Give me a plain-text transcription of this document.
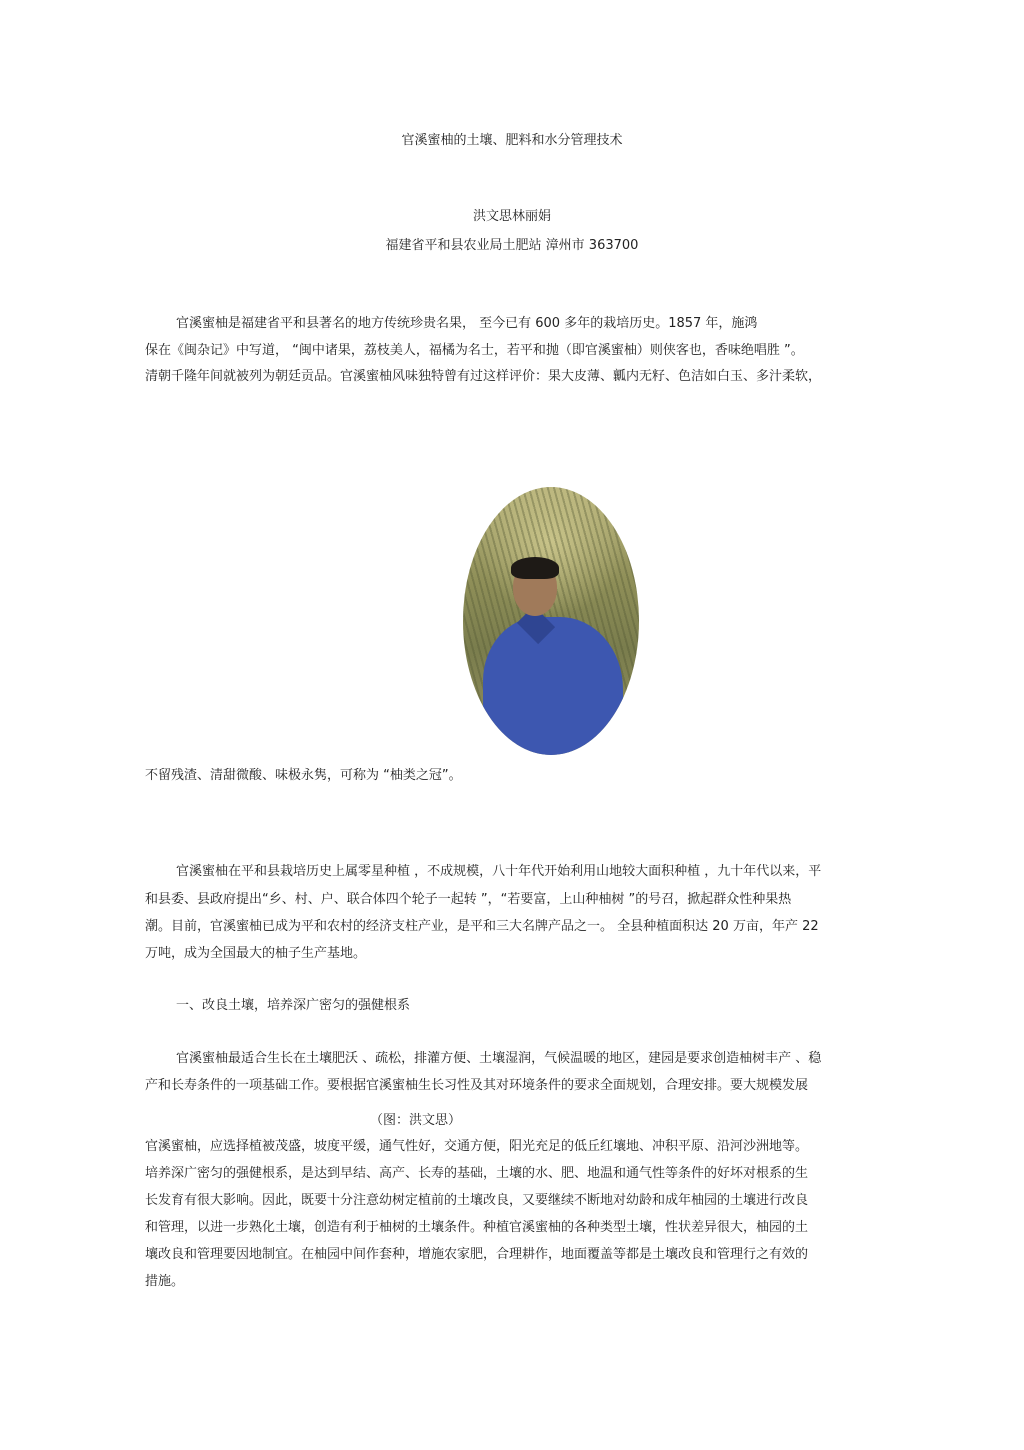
官溪蜜柚的土壤、肥料和水分管理技术
洪文思林丽娟
福建省平和县农业局土肥站 漳州市 363700
官溪蜜柚是福建省平和县著名的地方传统珍贵名果， 至今已有 600 多年的栽培历史。1857 年，施鸿
保在《闽杂记》中写道， “闽中诸果，荔枝美人，福橘为名士，若平和抛（即官溪蜜柚）则侠客也，香味绝唱胜 ”。
清朝千隆年间就被列为朝廷贡品。官溪蜜柚风味独特曾有过这样评价：果大皮薄、瓤内无籽、色洁如白玉、多汁柔软，
不留残渣、清甜微酸、味极永隽，可称为 “柚类之冠”。
官溪蜜柚在平和县栽培历史上属零星种植 ，不成规模，八十年代开始利用山地较大面积种植 ，九十年代以来，平
和县委、县政府提出“乡、村、户、联合体四个轮子一起转 ”，“若要富，上山种柚树 ”的号召，掀起群众性种果热
潮。目前，官溪蜜柚已成为平和农村的经济支柱产业，是平和三大名牌产品之一。 全县种植面积达 20 万亩，年产 22
万吨，成为全国最大的柚子生产基地。
一、改良土壤，培养深广密匀的强健根系
官溪蜜柚最适合生长在土壤肥沃 、疏松，排灌方便、土壤湿润，气候温暖的地区，建园是要求创造柚树丰产 、稳
产和长寿条件的一项基础工作。要根据官溪蜜柚生长习性及其对环境条件的要求全面规划，合理安排。要大规模发展
（图：洪文思）
官溪蜜柚，应选择植被茂盛，坡度平缓，通气性好，交通方便，阳光充足的低丘红壤地、冲积平原、沿河沙洲地等。
培养深广密匀的强健根系，是达到早结、高产、长寿的基础，土壤的水、肥、地温和通气性等条件的好坏对根系的生
长发育有很大影响。因此，既要十分注意幼树定植前的土壤改良，又要继续不断地对幼龄和成年柚园的土壤进行改良
和管理，以进一步熟化土壤，创造有利于柚树的土壤条件。种植官溪蜜柚的各种类型土壤，性状差异很大，柚园的土
壤改良和管理要因地制宜。在柚园中间作套种，增施农家肥，合理耕作，地面覆盖等都是土壤改良和管理行之有效的
措施。
